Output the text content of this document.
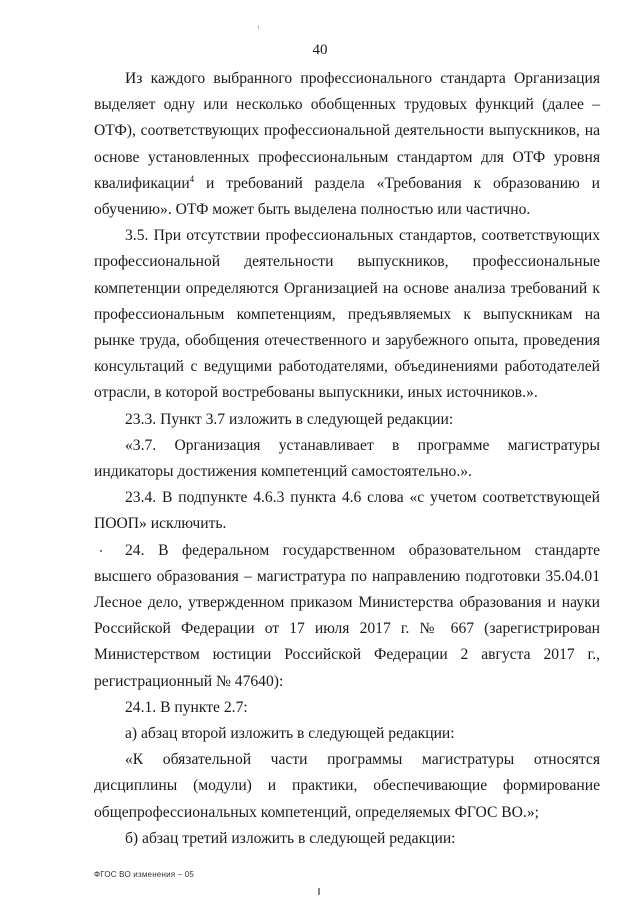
40

Из каждого выбранного профессионального стандарта Организация выделяет одну или несколько обобщенных трудовых функций (далее – ОТФ), соответствующих профессиональной деятельности выпускников, на основе установленных профессиональным стандартом для ОТФ уровня квалификации$^4$ и требований раздела «Требования к образованию и обучению». ОТФ может быть выделена полностью или частично.

3.5. При отсутствии профессиональных стандартов, соответствующих профессиональной деятельности выпускников, профессиональные компетенции определяются Организацией на основе анализа требований к профессиональным компетенциям, предъявляемых к выпускникам на рынке труда, обобщения отечественного и зарубежного опыта, проведения консультаций с ведущими работодателями, объединениями работодателей отрасли, в которой востребованы выпускники, иных источников.».

23.3. Пункт 3.7 изложить в следующей редакции:

«3.7. Организация устанавливает в программе магистратуры индикаторы достижения компетенций самостоятельно.».

23.4. В подпункте 4.6.3 пункта 4.6 слова «с учетом соответствующей ПООП» исключить.

24. В федеральном государственном образовательном стандарте высшего образования – магистратура по направлению подготовки 35.04.01 Лесное дело, утвержденном приказом Министерства образования и науки Российской Федерации от 17 июля 2017 г. № 667 (зарегистрирован Министерством юстиции Российской Федерации 2 августа 2017 г., регистрационный № 47640):

24.1. В пункте 2.7:

а) абзац второй изложить в следующей редакции:

«К обязательной части программы магистратуры относятся дисциплины (модули) и практики, обеспечивающие формирование общепрофессиональных компетенций, определяемых ФГОС ВО.»;

б) абзац третий изложить в следующей редакции:

ФГОС ВО изменения – 05
